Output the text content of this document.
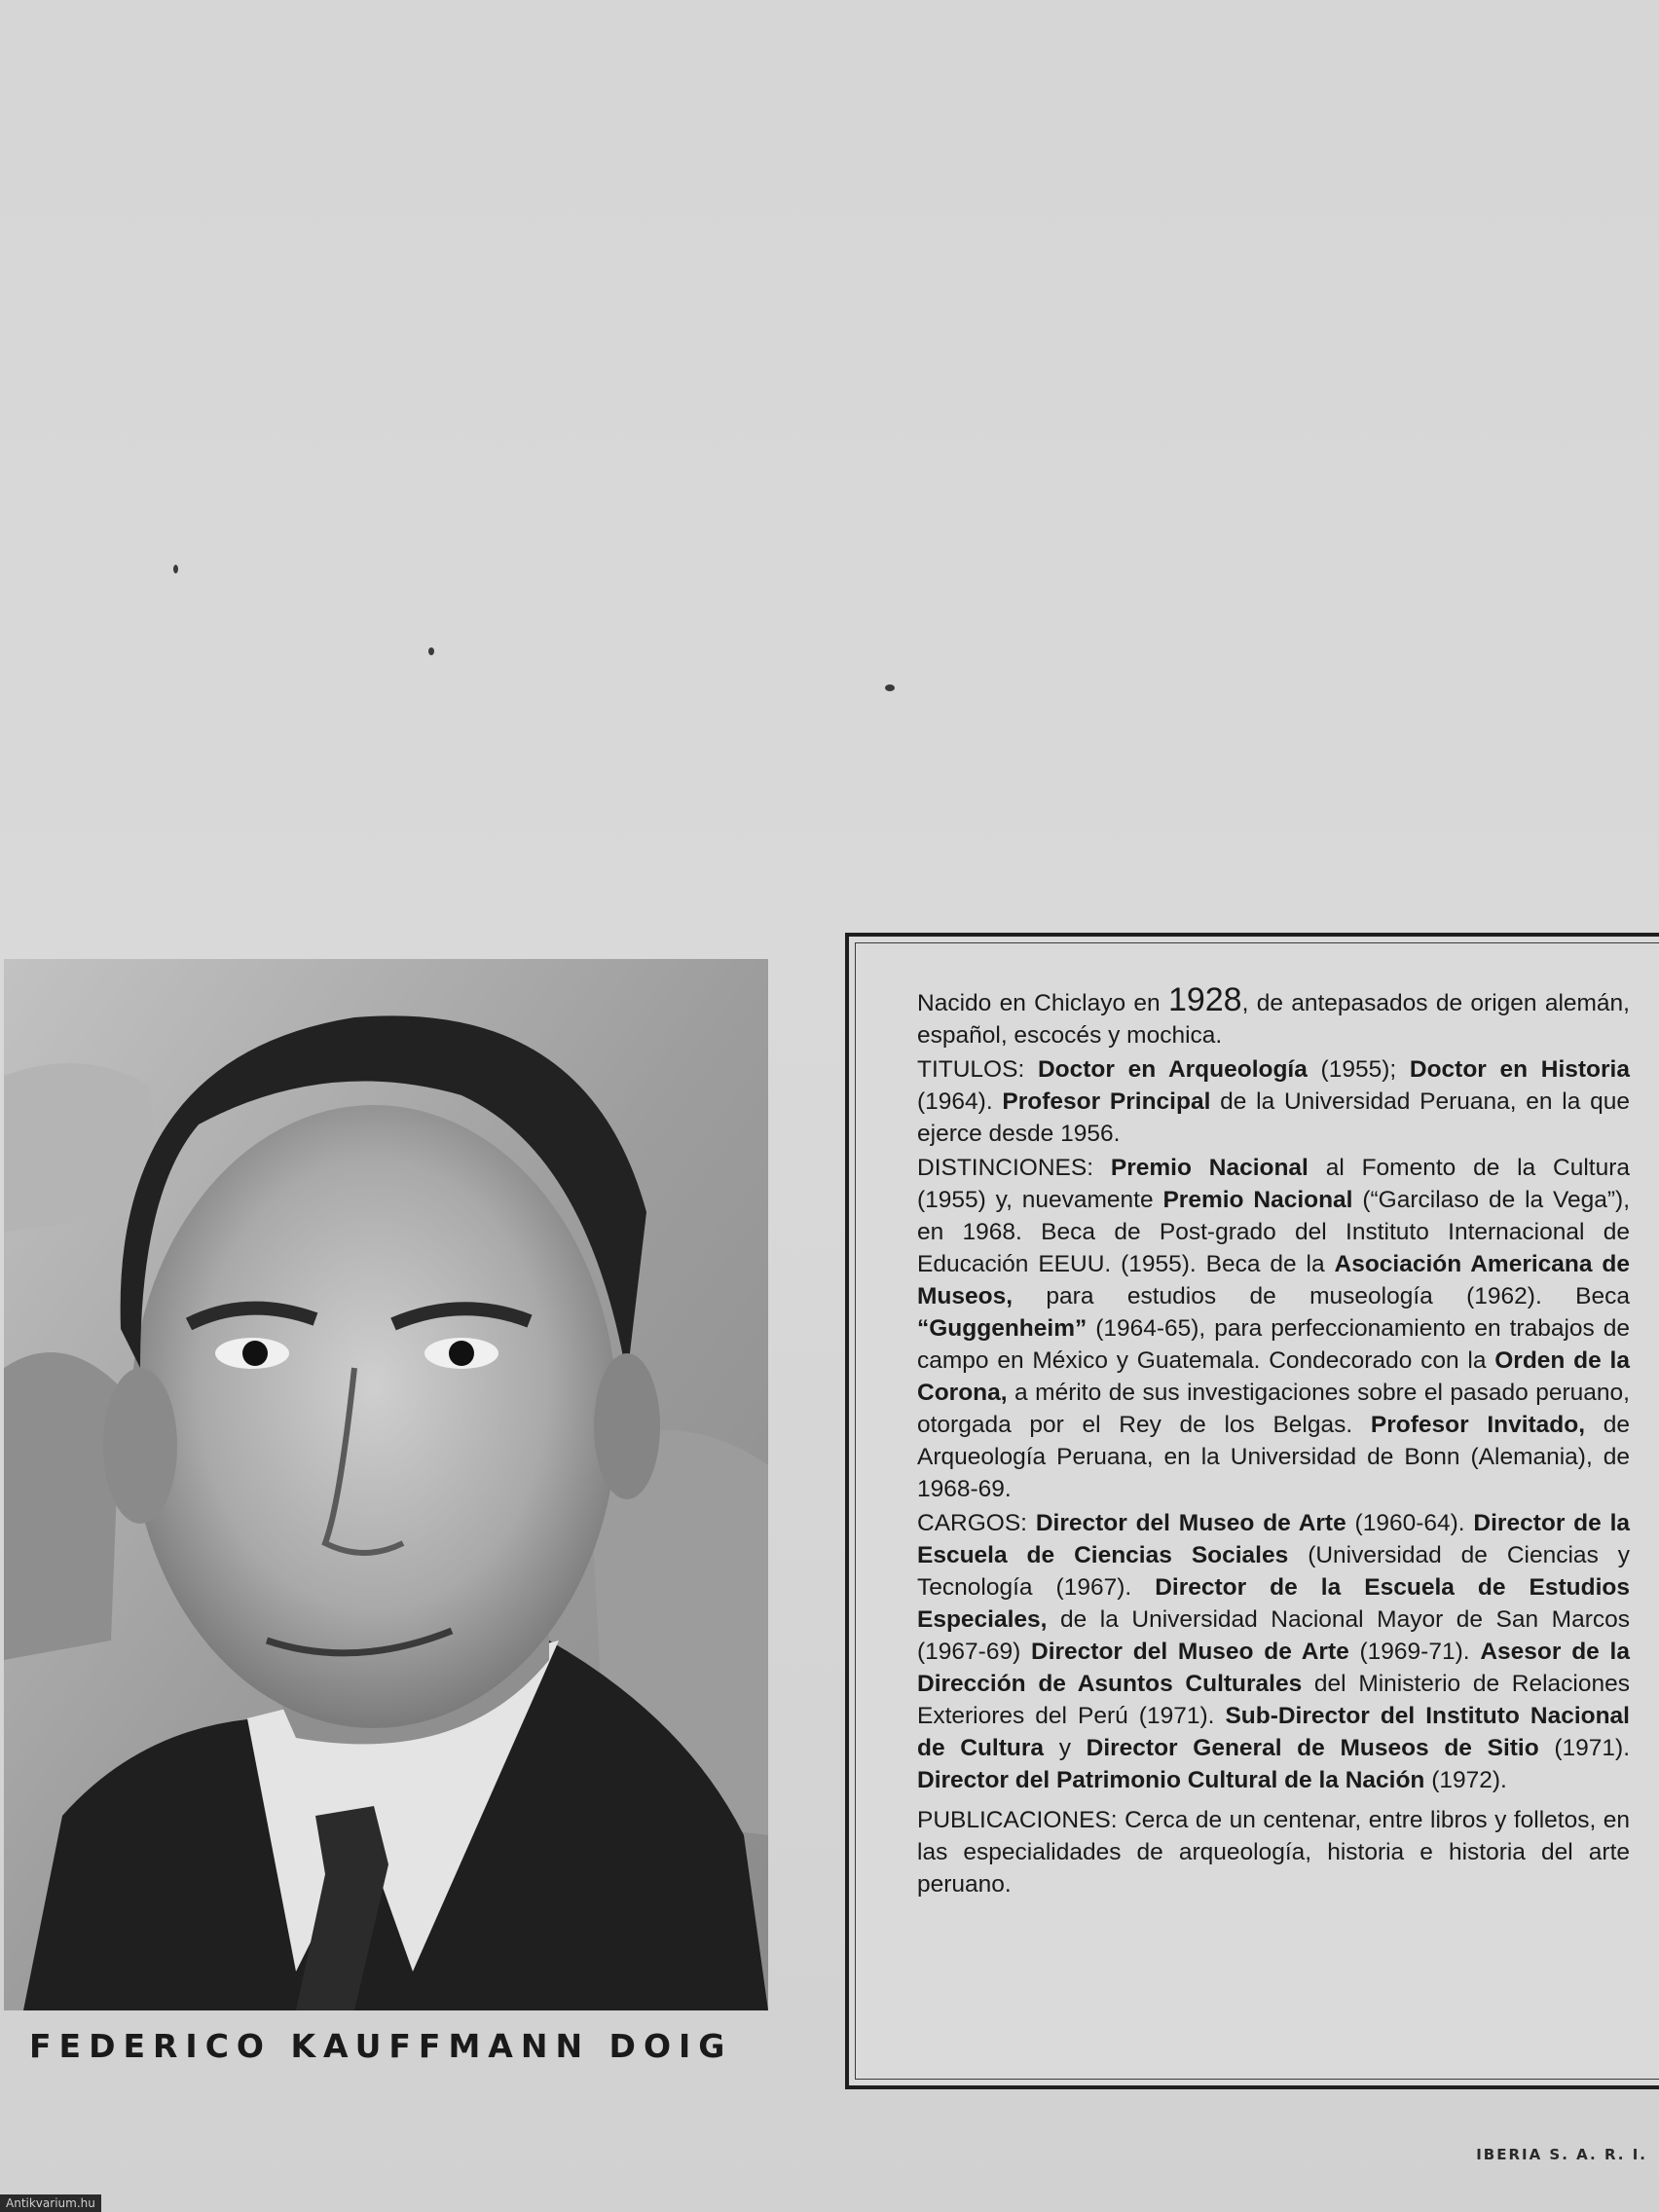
FEDERICO KAUFFMANN DOIG

Nacido en Chiclayo en 1928, de antepasados de origen alemán, español, escocés y mochica.

TITULOS: Doctor en Arqueología (1955); Doctor en Historia (1964). Profesor Principal de la Universidad Peruana, en la que ejerce desde 1956.

DISTINCIONES: Premio Nacional al Fomento de la Cultura (1955) y, nuevamente Premio Nacional (“Garcilaso de la Vega”), en 1968. Beca de Post-grado del Instituto Internacional de Educación EEUU. (1955). Beca de la Asociación Americana de Museos, para estudios de museología (1962). Beca “Guggenheim” (1964-65), para perfeccionamiento en trabajos de campo en México y Guatemala. Condecorado con la Orden de la Corona, a mérito de sus investigaciones sobre el pasado peruano, otorgada por el Rey de los Belgas. Profesor Invitado, de Arqueología Peruana, en la Universidad de Bonn (Alemania), de 1968-69.

CARGOS: Director del Museo de Arte (1960-64). Director de la Escuela de Ciencias Sociales (Universidad de Ciencias y Tecnología (1967). Director de la Escuela de Estudios Especiales, de la Universidad Nacional Mayor de San Marcos (1967-69) Director del Museo de Arte (1969-71). Asesor de la Dirección de Asuntos Culturales del Ministerio de Relaciones Exteriores del Perú (1971). Sub-Director del Instituto Nacional de Cultura y Director General de Museos de Sitio (1971). Director del Patrimonio Cultural de la Nación (1972).

PUBLICACIONES: Cerca de un centenar, entre libros y folletos, en las especialidades de arqueología, historia e historia del arte peruano.

IBERIA S. A. R. I.
Antikvarium.hu
